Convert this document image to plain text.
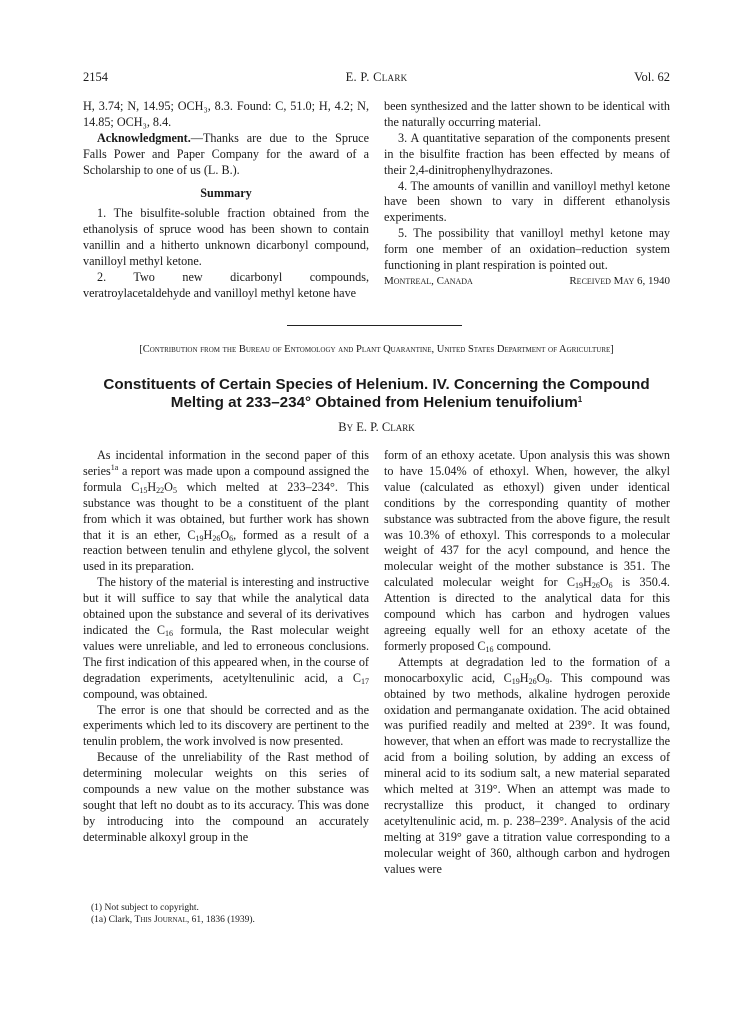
2154	E. P. Clark	Vol. 62

H, 3.74; N, 14.95; OCH₃, 8.3. Found: C, 51.0; H, 4.2; N, 14.85; OCH₃, 8.4.

Acknowledgment.—Thanks are due to the Spruce Falls Power and Paper Company for the award of a Scholarship to one of us (L. B.).

Summary

1. The bisulfite-soluble fraction obtained from the ethanolysis of spruce wood has been shown to contain vanillin and a hitherto unknown dicarbonyl compound, vanilloyl methyl ketone.

2. Two new dicarbonyl compounds, veratroylacetaldehyde and vanilloyl methyl ketone have

been synthesized and the latter shown to be identical with the naturally occurring material.

3. A quantitative separation of the components present in the bisulfite fraction has been effected by means of their 2,4-dinitrophenylhydrazones.

4. The amounts of vanillin and vanilloyl methyl ketone have been shown to vary in different ethanolysis experiments.

5. The possibility that vanilloyl methyl ketone may form one member of an oxidation–reduction system functioning in plant respiration is pointed out.

Montreal, Canada	Received May 6, 1940
[Contribution from the Bureau of Entomology and Plant Quarantine, United States Department of Agriculture]
Constituents of Certain Species of Helenium. IV. Concerning the Compound
Melting at 233–234° Obtained from Helenium tenuifolium$^1$
By E. P. Clark

As incidental information in the second paper of this series$^{1a}$ a report was made upon a compound assigned the formula $C_{15}H_{22}O_5$ which melted at 233–234°. This substance was thought to be a constituent of the plant from which it was obtained, but further work has shown that it is an ether, $C_{19}H_{26}O_6$, formed as a result of a reaction between tenulin and ethylene glycol, the solvent used in its preparation.

The history of the material is interesting and instructive but it will suffice to say that while the analytical data obtained upon the substance and several of its derivatives indicated the $C_{16}$ formula, the Rast molecular weight values were unreliable, and led to erroneous conclusions. The first indication of this appeared when, in the course of degradation experiments, acetyltenulinic acid, a $C_{17}$ compound, was obtained.

The error is one that should be corrected and as the experiments which led to its discovery are pertinent to the tenulin problem, the work involved is now presented.

Because of the unreliability of the Rast method of determining molecular weights on this series of compounds a new value on the mother substance was sought that left no doubt as to its accuracy. This was done by introducing into the compound an accurately determinable alkoxyl group in the

form of an ethoxy acetate. Upon analysis this was shown to have 15.04% of ethoxyl. When, however, the alkyl value (calculated as ethoxyl) given under identical conditions by the corresponding quantity of mother substance was subtracted from the above figure, the result was 10.3% of ethoxyl. This corresponds to a molecular weight of 437 for the acyl compound, and hence the molecular weight of the mother substance is 351. The calculated molecular weight for $C_{19}H_{26}O_6$ is 350.4. Attention is directed to the analytical data for this compound which has carbon and hydrogen values agreeing equally well for an ethoxy acetate of the formerly proposed $C_{16}$ compound.

Attempts at degradation led to the formation of a monocarboxylic acid, $C_{19}H_{26}O_9$. This compound was obtained by two methods, alkaline hydrogen peroxide oxidation and permanganate oxidation. The acid obtained was purified readily and melted at 239°. It was found, however, that when an effort was made to recrystallize the acid from a boiling solution, by adding an excess of mineral acid to its sodium salt, a new material separated which melted at 319°. When an attempt was made to recrystallize this product, it changed to ordinary acetyltenulinic acid, m. p. 238–239°. Analysis of the acid melting at 319° gave a titration value corresponding to a molecular weight of 360, although carbon and hydrogen values were

(1) Not subject to copyright.

(1a) Clark, This Journal, 61, 1836 (1939).
